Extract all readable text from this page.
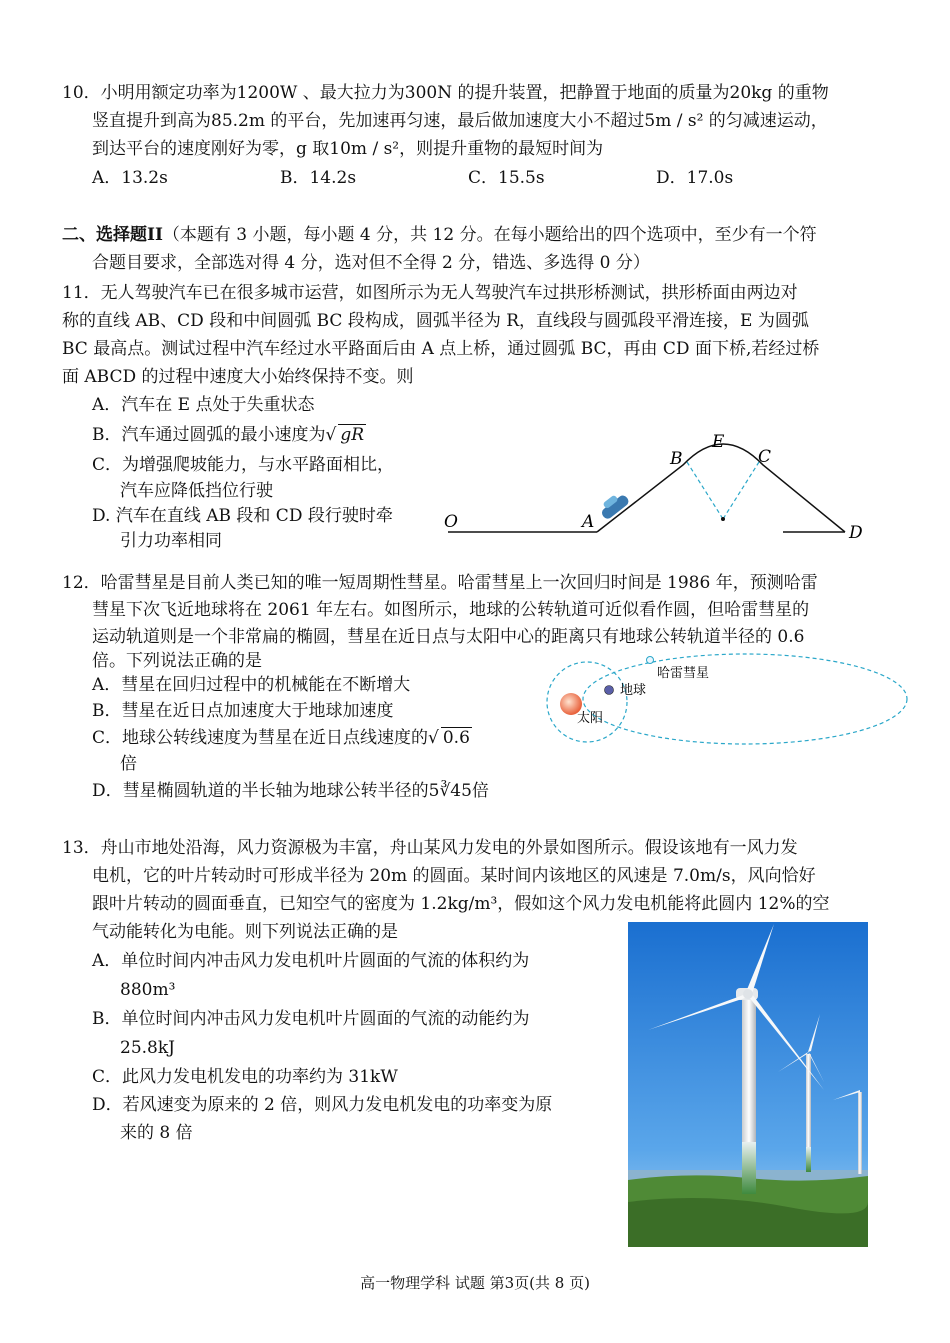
10．小明用额定功率为1200W 、最大拉力为300N 的提升装置，把静置于地面的质量为20kg 的重物
竖直提升到高为85.2m 的平台，先加速再匀速，最后做加速度大小不超过5m / s² 的匀减速运动，
到达平台的速度刚好为零，g 取10m / s²，则提升重物的最短时间为
A．13.2s	B．14.2s	C．15.5s	D．17.0s
二、选择题II（本题有 3 小题，每小题 4 分，共 12 分。在每小题给出的四个选项中，至少有一个符
合题目要求，全部选对得 4 分，选对但不全得 2 分，错选、多选得 0 分）
11．无人驾驶汽车已在很多城市运营，如图所示为无人驾驶汽车过拱形桥测试，拱形桥面由两边对
称的直线 AB、CD 段和中间圆弧 BC 段构成，圆弧半径为 R，直线段与圆弧段平滑连接，E 为圆弧
BC 最高点。测试过程中汽车经过水平路面后由 A 点上桥，通过圆弧 BC，再由 CD 面下桥,若经过桥
面 ABCD 的过程中速度大小始终保持不变。则
A．汽车在 E 点处于失重状态
B．汽车通过圆弧的最小速度为√ gR
C．为增强爬坡能力，与水平路面相比，
汽车应降低挡位行驶
D. 汽车在直线 AB 段和 CD 段行驶时牵
引力功率相同
O	A
B
E
C
D
12．哈雷彗星是目前人类已知的唯一短周期性彗星。哈雷彗星上一次回归时间是 1986 年，预测哈雷
彗星下次飞近地球将在 2061 年左右。如图所示，地球的公转轨道可近似看作圆，但哈雷彗星的
运动轨道则是一个非常扁的椭圆，彗星在近日点与太阳中心的距离只有地球公转轨道半径的 0.6
倍。下列说法正确的是
A．彗星在回归过程中的机械能在不断增大
B．彗星在近日点加速度大于地球加速度
C．地球公转线速度为彗星在近日点线速度的√ 0.6
倍
D．彗星椭圆轨道的半长轴为地球公转半径的5∛45倍
哈雷彗星
地球
太阳
13．舟山市地处沿海，风力资源极为丰富，舟山某风力发电的外景如图所示。假设该地有一风力发
电机，它的叶片转动时可形成半径为 20m 的圆面。某时间内该地区的风速是 7.0m/s，风向恰好
跟叶片转动的圆面垂直，已知空气的密度为 1.2kg/m³，假如这个风力发电机能将此圆内 12%的空
气动能转化为电能。则下列说法正确的是
A．单位时间内冲击风力发电机叶片圆面的气流的体积约为
880m³
B．单位时间内冲击风力发电机叶片圆面的气流的动能约为
25.8kJ
C．此风力发电机发电的功率约为 31kW
D．若风速变为原来的 2 倍，则风力发电机发电的功率变为原
来的 8 倍
高一物理学科 试题 第3页(共 8 页)
